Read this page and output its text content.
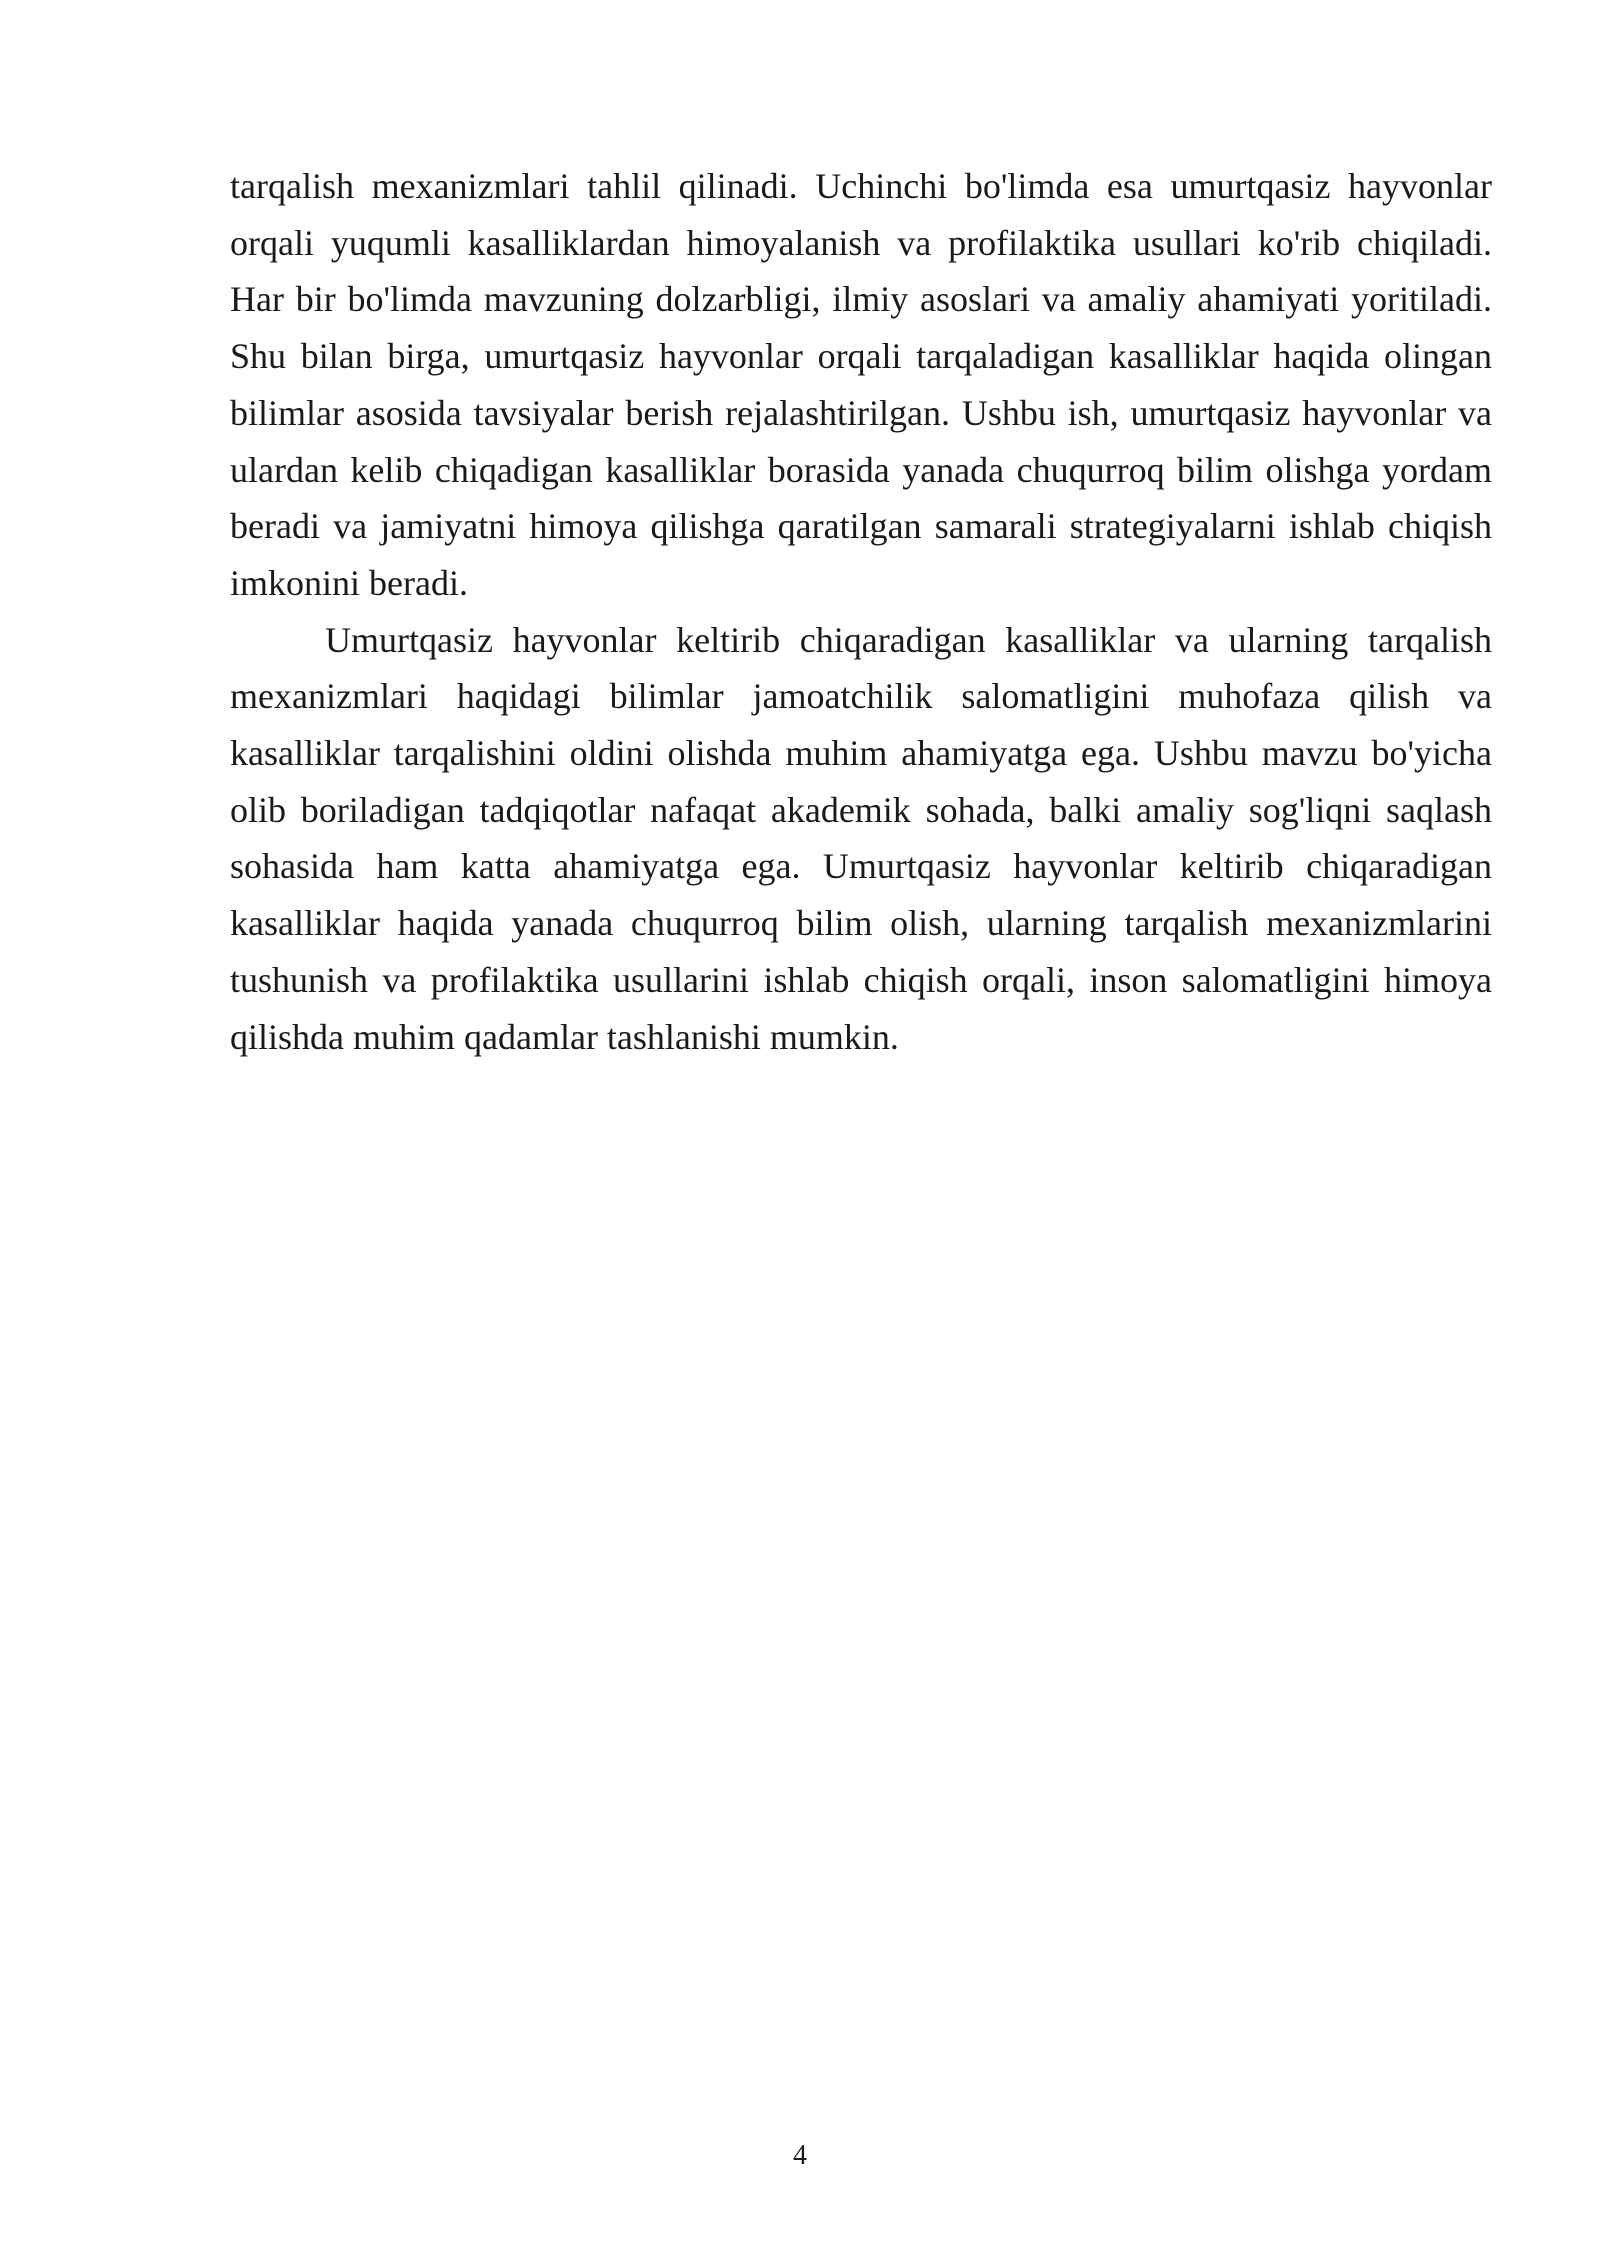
tarqalish mexanizmlari tahlil qilinadi. Uchinchi bo'limda esa umurtqasiz hayvonlar orqali yuqumli kasalliklardan himoyalanish va profilaktika usullari ko'rib chiqiladi. Har bir bo'limda mavzuning dolzarbligi, ilmiy asoslari va amaliy ahamiyati yoritiladi. Shu bilan birga, umurtqasiz hayvonlar orqali tarqaladigan kasalliklar haqida olingan bilimlar asosida tavsiyalar berish rejalashtirilgan. Ushbu ish, umurtqasiz hayvonlar va ulardan kelib chiqadigan kasalliklar borasida yanada chuqurroq bilim olishga yordam beradi va jamiyatni himoya qilishga qaratilgan samarali strategiyalarni ishlab chiqish imkonini beradi.

Umurtqasiz hayvonlar keltirib chiqaradigan kasalliklar va ularning tarqalish mexanizmlari haqidagi bilimlar jamoatchilik salomatligini muhofaza qilish va kasalliklar tarqalishini oldini olishda muhim ahamiyatga ega. Ushbu mavzu bo'yicha olib boriladigan tadqiqotlar nafaqat akademik sohada, balki amaliy sog'liqni saqlash sohasida ham katta ahamiyatga ega. Umurtqasiz hayvonlar keltirib chiqaradigan kasalliklar haqida yanada chuqurroq bilim olish, ularning tarqalish mexanizmlarini tushunish va profilaktika usullarini ishlab chiqish orqali, inson salomatligini himoya qilishda muhim qadamlar tashlanishi mumkin.

4
